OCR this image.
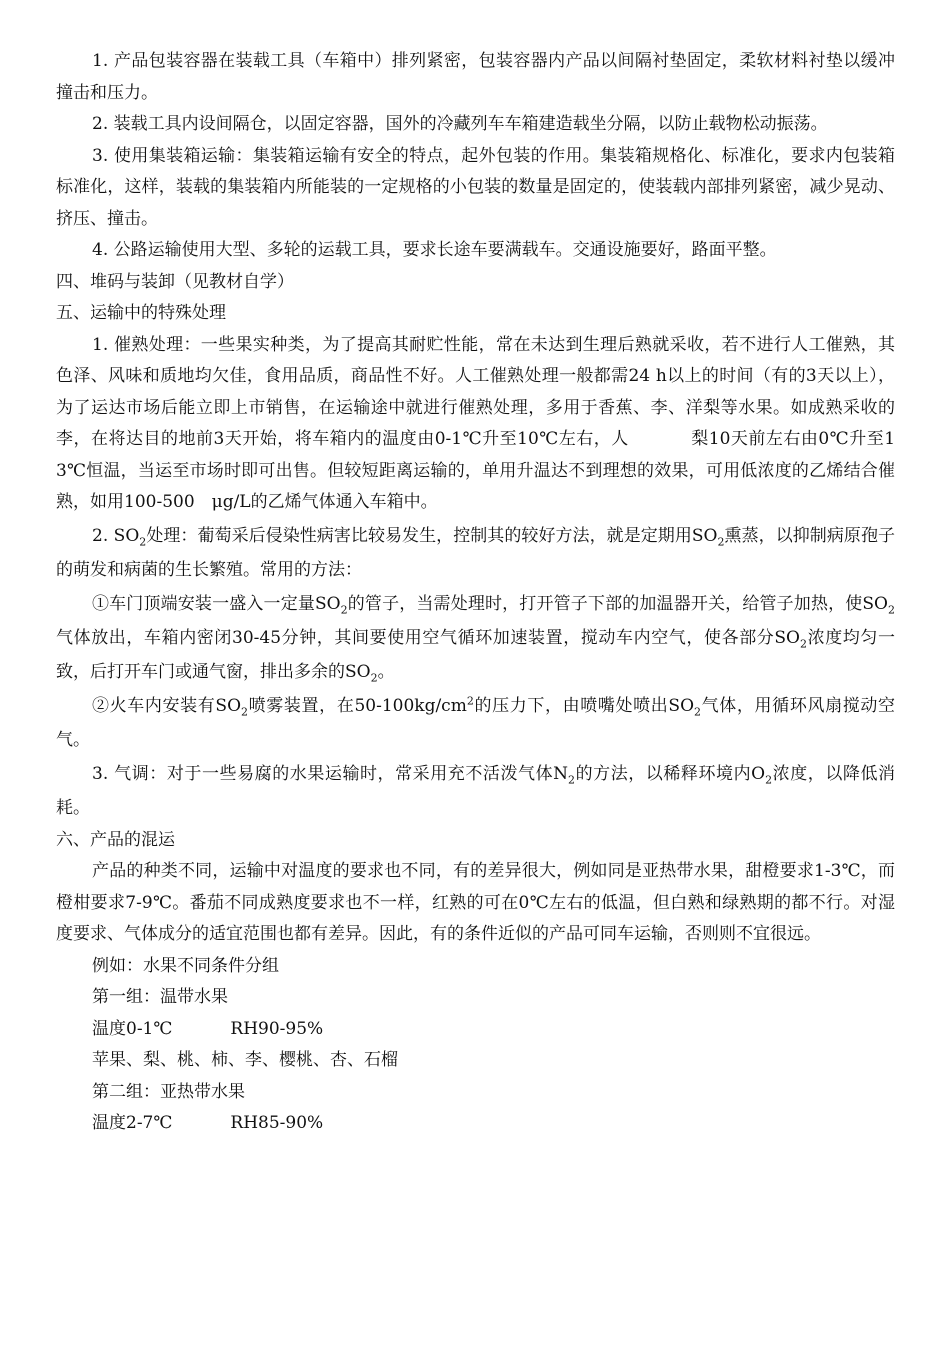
1. 产品包装容器在装载工具（车箱中）排列紧密，包装容器内产品以间隔衬垫固定，柔软材料衬垫以缓冲撞击和压力。

2. 装载工具内设间隔仓，以固定容器，国外的冷藏列车车箱建造载坐分隔，以防止载物松动振荡。

3. 使用集装箱运输：集装箱运输有安全的特点，起外包装的作用。集装箱规格化、标准化，要求内包装箱标准化，这样，装载的集装箱内所能装的一定规格的小包装的数量是固定的，使装载内部排列紧密，减少晃动、挤压、撞击。

4. 公路运输使用大型、多轮的运载工具，要求长途车要满载车。交通设施要好，路面平整。

四、堆码与装卸（见教材自学）

五、运输中的特殊处理

1. 催熟处理：一些果实种类，为了提高其耐贮性能，常在未达到生理后熟就采收，若不进行人工催熟，其色泽、风味和质地均欠佳，食用品质，商品性不好。人工催熟处理一般都需24 h以上的时间（有的3天以上），为了运达市场后能立即上市销售，在运输途中就进行催熟处理，多用于香蕉、李、洋梨等水果。如成熟采收的李，在将达目的地前3天开始，将车箱内的温度由0-1℃升至10℃左右，人	梨10天前左右由0℃升至13℃恒温，当运至市场时即可出售。但较短距离运输的，单用升温达不到理想的效果，可用低浓度的乙烯结合催熟，如用100-500　μg/L的乙烯气体通入车箱中。

2. $SO_2$处理：葡萄采后侵染性病害比较易发生，控制其的较好方法，就是定期用$SO_2$熏蒸，以抑制病原孢子的萌发和病菌的生长繁殖。常用的方法：

①车门顶端安装一盛入一定量$SO_2$的管子，当需处理时，打开管子下部的加温器开关，给管子加热，使$SO_2$气体放出，车箱内密闭30-45分钟，其间要使用空气循环加速装置，搅动车内空气，使各部分$SO_2$浓度均匀一致，后打开车门或通气窗，排出多余的$SO_2$。

②火车内安装有$SO_2$喷雾装置，在$50-100kg/cm^2$的压力下，由喷嘴处喷出$SO_2$气体，用循环风扇搅动空气。

3. 气调：对于一些易腐的水果运输时，常采用充不活泼气体$N_2$的方法，以稀释环境内$O_2$浓度，以降低消耗。

六、产品的混运

产品的种类不同，运输中对温度的要求也不同，有的差异很大，例如同是亚热带水果，甜橙要求1-3℃，而橙柑要求7-9℃。番茄不同成熟度要求也不一样，红熟的可在0℃左右的低温，但白熟和绿熟期的都不行。对湿度要求、气体成分的适宜范围也都有差异。因此，有的条件近似的产品可同车运输，否则则不宜很远。

例如：水果不同条件分组

第一组：温带水果

温度0-1℃	RH90-95%

苹果、梨、桃、柿、李、樱桃、杏、石榴

第二组：亚热带水果

温度2-7℃	RH85-90%
